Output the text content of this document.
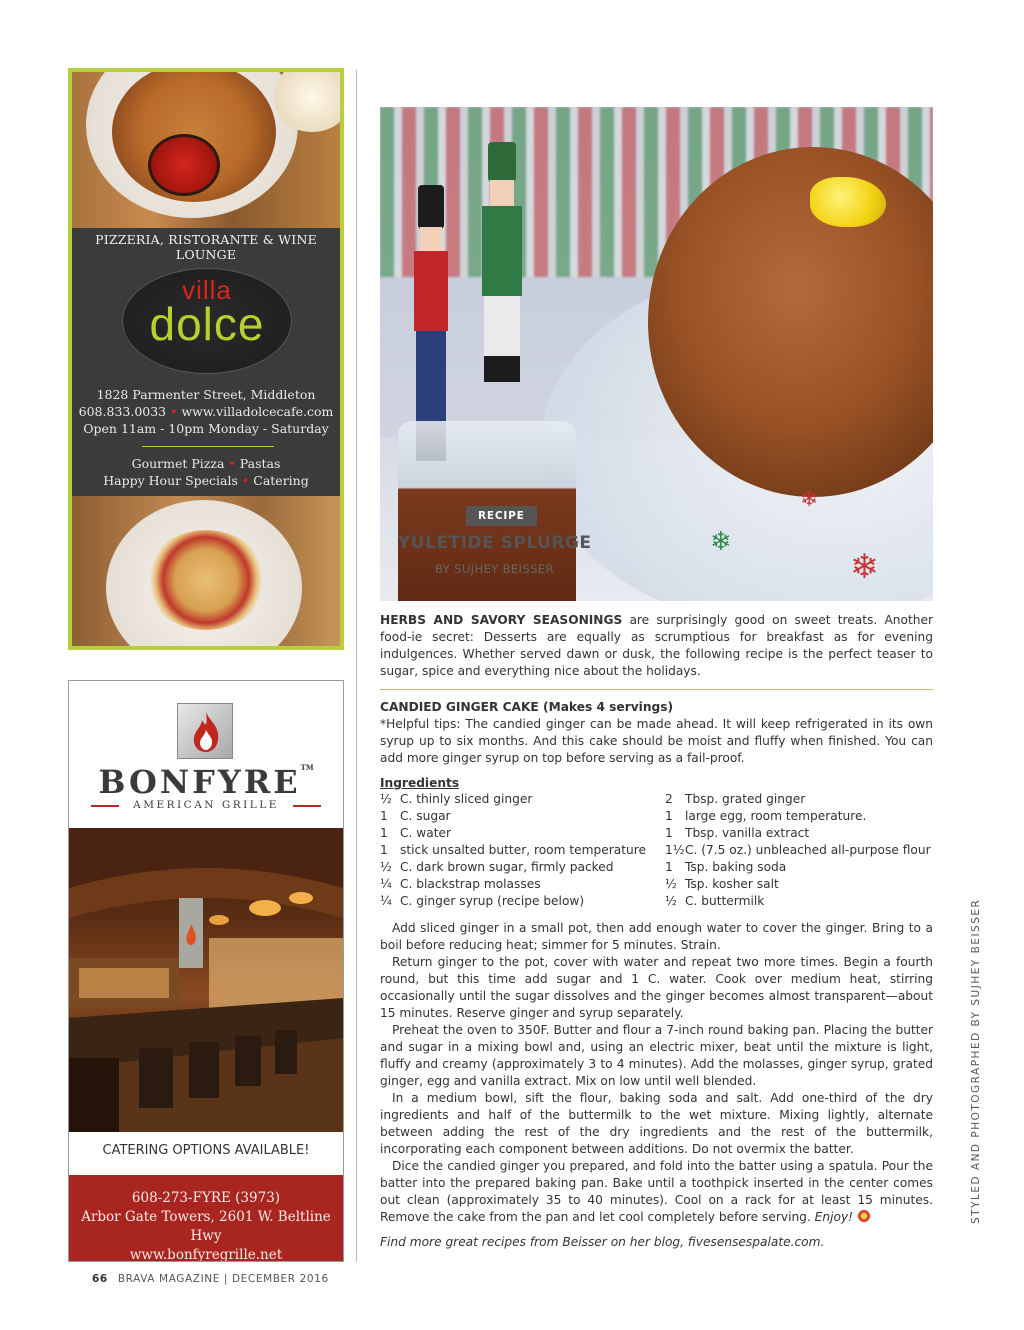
PIZZERIA, RISTORANTE & WINE LOUNGE
villa
dolce
1828 Parmenter Street, Middleton
608.833.0033 • www.villadolcecafe.com
Open 11am - 10pm Monday - Saturday
Gourmet Pizza • Pastas
Happy Hour Specials • Catering
BONFYRE™
AMERICAN GRILLE
CATERING OPTIONS AVAILABLE!
608-273-FYRE (3973)
Arbor Gate Towers, 2601 W. Beltline Hwy
www.bonfyregrille.net
❄
❄
❄
RECIPE
YULETIDE SPLURGE
BY SUJHEY BEISSER
HERBS AND SAVORY SEASONINGS are surprisingly good on sweet treats. Another food-ie secret: Desserts are equally as scrumptious for breakfast as for evening indulgences. Whether served dawn or dusk, the following recipe is the perfect teaser to sugar, spice and everything nice about the holidays.
CANDIED GINGER CAKE (Makes 4 servings)
*Helpful tips: The candied ginger can be made ahead. It will keep refrigerated in its own syrup up to six months. And this cake should be moist and fluffy when finished. You can add more ginger syrup on top before serving as a fail-proof.
Ingredients
½ C. thinly sliced ginger
1	C. sugar
1	C. water
1	stick unsalted butter, room temperature
½ C. dark brown sugar, firmly packed
¼ C. blackstrap molasses
¼ C. ginger syrup (recipe below)
2	Tbsp. grated ginger
1	large egg, room temperature.
1	Tbsp. vanilla extract
1½ C. (7.5 oz.) unbleached all-purpose flour
1	Tsp. baking soda
½ Tsp. kosher salt
½ C. buttermilk

Add sliced ginger in a small pot, then add enough water to cover the ginger. Bring to a boil before reducing heat; simmer for 5 minutes. Strain.

Return ginger to the pot, cover with water and repeat two more times. Begin a fourth round, but this time add sugar and 1 C. water. Cook over medium heat, stirring occasionally until the sugar dissolves and the ginger becomes almost transparent—about 15 minutes. Reserve ginger and syrup separately.

Preheat the oven to 350F. Butter and flour a 7-inch round baking pan. Placing the butter and sugar in a mixing bowl and, using an electric mixer, beat until the mixture is light, fluffy and creamy (approximately 3 to 4 minutes). Add the molasses, ginger syrup, grated ginger, egg and vanilla extract. Mix on low until well blended.

In a medium bowl, sift the flour, baking soda and salt. Add one-third of the dry ingredients and half of the buttermilk to the wet mixture. Mixing lightly, alternate between adding the rest of the dry ingredients and the rest of the buttermilk, incorporating each component between additions. Do not overmix the batter.

Dice the candied ginger you prepared, and fold into the batter using a spatula. Pour the batter into the prepared baking pan. Bake until a toothpick inserted in the center comes out clean (approximately 35 to 40 minutes). Cool on a rack for at least 15 minutes. Remove the cake from the pan and let cool completely before serving. Enjoy!

Find more great recipes from Beisser on her blog, fivesensespalate.com.
STYLED AND PHOTOGRAPHED BY SUJHEY BEISSER
66 BRAVA MAGAZINE | DECEMBER 2016
